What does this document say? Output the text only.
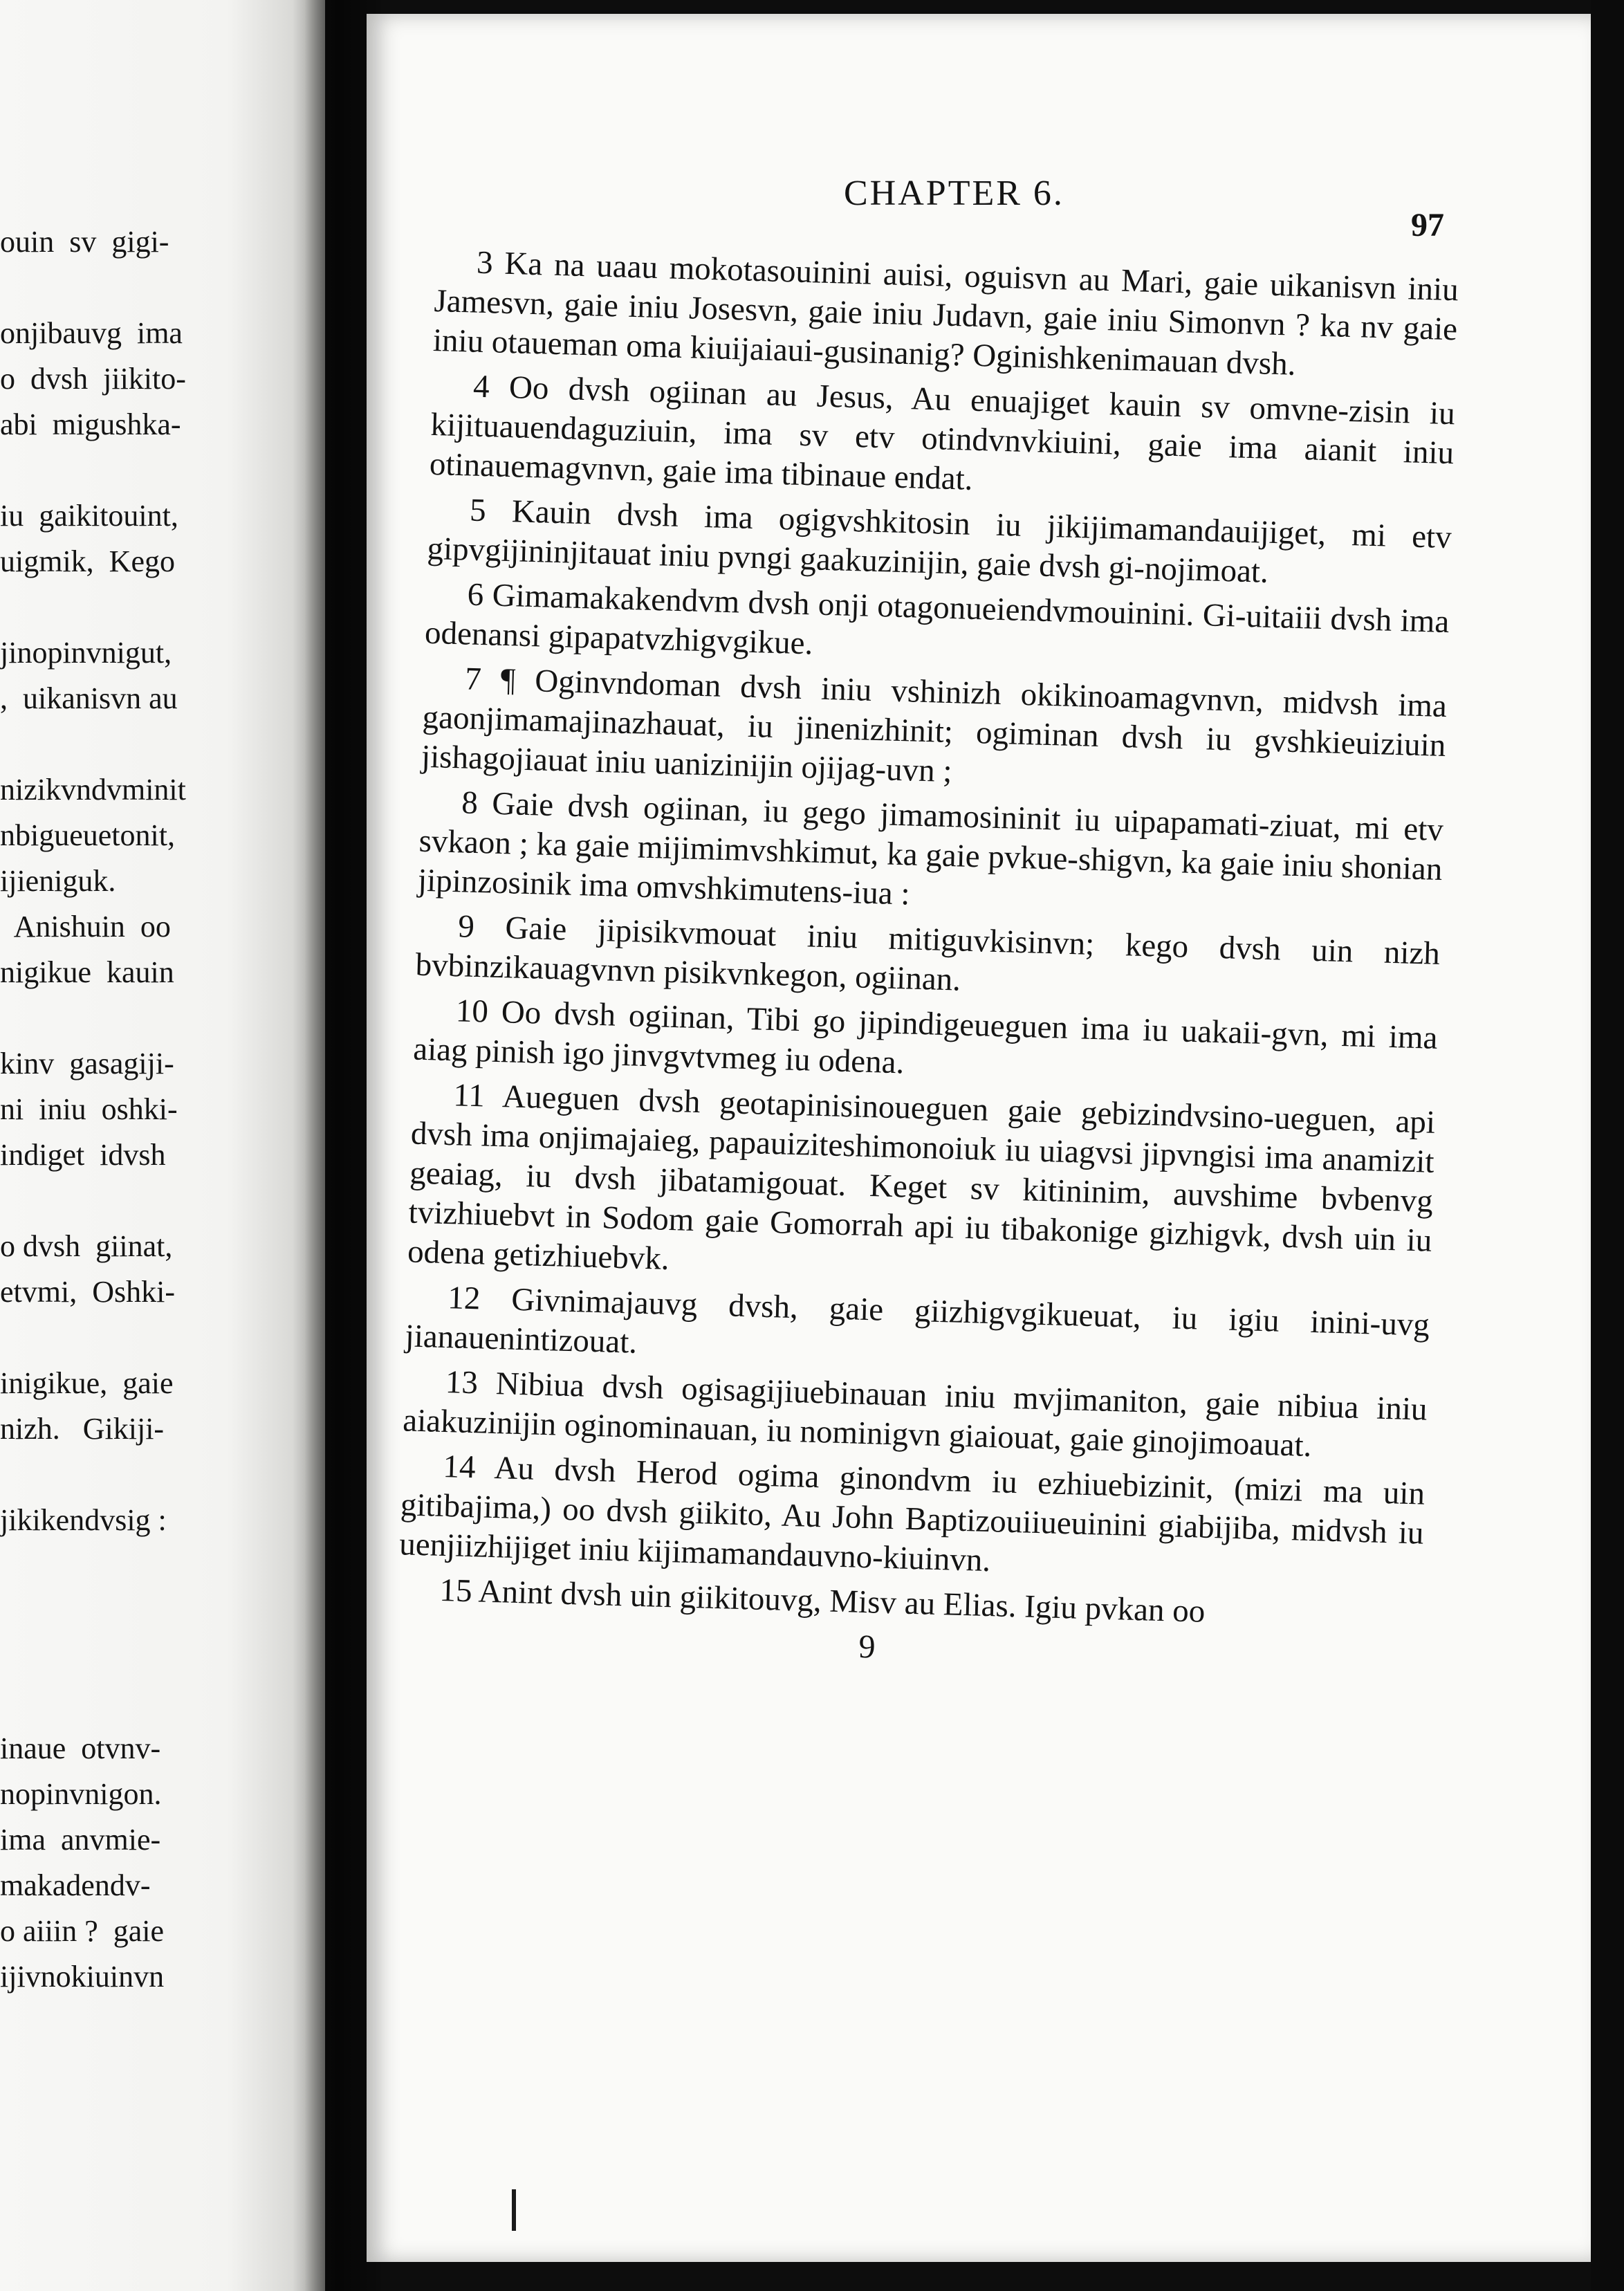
ouin  sv  gigi-
onjibauvg  ima
o  dvsh  jiikito-
abi  migushka-
iu  gaikitouint,
uigmik,  Kego
jinopinvnigut,
,  uikanisvn au
nizikvndvminit
nbigueuetonit,
ijieniguk.
Anishuin  oo
nigikue  kauin
kinv  gasagiji-
ni  iniu  oshki-
indiget  idvsh
o dvsh  giinat,
etvmi,  Oshki-
inigikue,  gaie
nizh.   Gikiji-
jikikendvsig :
inaue  otvnv-
nopinvnigon.
ima  anvmie-
makadendv-
o aiiin ?  gaie
ijivnokiuinvn
CHAPTER 6.
97

3 Ka na uaau mokotasouinini auisi, oguisvn au Mari, gaie uikanisvn iniu Jamesvn, gaie iniu Josesvn, gaie iniu Judavn, gaie iniu Simonvn ? ka nv gaie iniu otaueman oma kiuijaiaui-gusinanig? Oginishkenimauan dvsh.

4 Oo dvsh ogiinan au Jesus, Au enuajiget kauin sv omvne-zisin iu kijituauendaguziuin, ima sv etv otindvnvkiuini, gaie ima aianit iniu otinauemagvnvn, gaie ima tibinaue endat.

5 Kauin dvsh ima ogigvshkitosin iu jikijimamandauijiget, mi etv gipvgijininjitauat iniu pvngi gaakuzinijin, gaie dvsh gi-nojimoat.

6 Gimamakakendvm dvsh onji otagonueiendvmouinini. Gi-uitaiii dvsh ima odenansi gipapatvzhigvgikue.

7 ¶ Oginvndoman dvsh iniu vshinizh okikinoamagvnvn, midvsh ima gaonjimamajinazhauat, iu jinenizhinit; ogiminan dvsh iu gvshkieuiziuin jishagojiauat iniu uanizinijin ojijag-uvn ;

8 Gaie dvsh ogiinan, iu gego jimamosininit iu uipapamati-ziuat, mi etv svkaon ; ka gaie mijimimvshkimut, ka gaie pvkue-shigvn, ka gaie iniu shonian jipinzosinik ima omvshkimutens-iua :

9 Gaie jipisikvmouat iniu mitiguvkisinvn; kego dvsh uin nizh bvbinzikauagvnvn pisikvnkegon, ogiinan.

10 Oo dvsh ogiinan, Tibi go jipindigeueguen ima iu uakaii-gvn, mi ima aiag pinish igo jinvgvtvmeg iu odena.

11 Aueguen dvsh geotapinisinoueguen gaie gebizindvsino-ueguen, api dvsh ima onjimajaieg, papauiziteshimonoiuk iu uiagvsi jipvngisi ima anamizit geaiag, iu dvsh jibatamigouat. Keget sv kitininim, auvshime bvbenvg tvizhiuebvt in Sodom gaie Gomorrah api iu tibakonige gizhigvk, dvsh uin iu odena getizhiuebvk.

12 Givnimajauvg dvsh, gaie giizhigvgikueuat, iu igiu inini-uvg jianauenintizouat.

13 Nibiua dvsh ogisagijiuebinauan iniu mvjimaniton, gaie nibiua iniu aiakuzinijin oginominauan, iu nominigvn giaiouat, gaie ginojimoauat.

14 Au dvsh Herod ogima ginondvm iu ezhiuebizinit, (mizi ma uin gitibajima,) oo dvsh giikito, Au John Baptizouiiueuinini giabijiba, midvsh iu uenjiizhijiget iniu kijimamandauvno-kiuinvn.

15 Anint dvsh uin giikitouvg, Misv au Elias. Igiu pvkan oo

9
